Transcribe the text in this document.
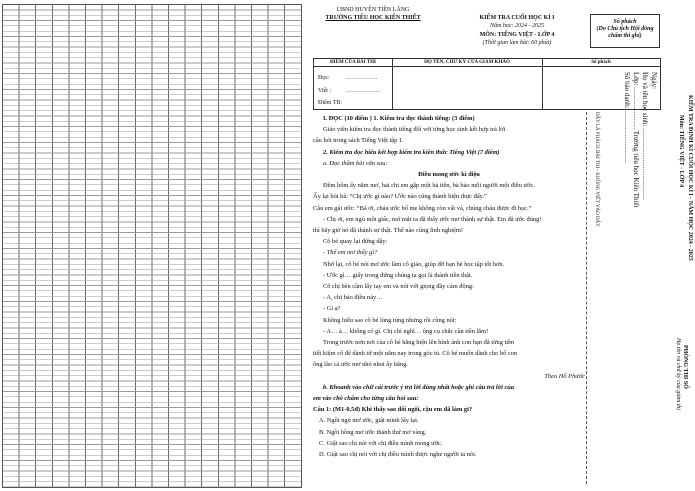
UBND HUYỆN TIÊN LÃNG
TRƯỜNG TIỂU HỌC KIẾN THIẾT	KIỂM TRA CUỐI HỌC KÌ I
Năm học: 2024 - 2025
MÔN: TIẾNG VIỆT - LỚP 4
(Thời gian làm bài: 60 phút)
Số phách
(Do Chủ tịch Hội đồng
chấm thi ghi)
ĐIỂM CỦA BÀI THI	HỌ TÊN, CHỮ KÝ CỦA GIÁM KHẢO	Số phách
Đọc:	…………….
Viết : ……………..
Điểm TB:
I. ĐỌC (10 điểm ) 1. Kiểm tra đọc thành tiếng: (3 điểm)
Giáo viên kiểm tra đọc thành tiếng đối với từng học sinh kết hợp trả lời
câu hỏi trong sách Tiếng Việt tập 1.
2. Kiểm tra đọc hiểu kết hợp kiểm tra kiến thức Tiếng Việt (7 điểm)
a. Đọc thầm bài văn sau:
Điều mong ước kì diệu
Đêm hôm ấy nằm mơ, hai chị em gặp một bà tiên, bà bảo mỗi người một điều ước.
Ấy lại hỏi bà: “Chị ước gì nào? Ước nào cũng thành hiện thực đấy.”
Câu em gái ước: “Bà ơi, cháu ước bố mẹ không còn vất vả, chúng cháu được đi học.”
- Chị ơi, em ngủ một giấc, mở mắt ra đã thấy ước mơ thành sự thật. Em đã ước đúng!
thì bây giờ nó đã thành sự thật. Thế nào cũng linh nghiệm!
Cô bé quay lại đứng dậy:
- Thế em mơ thấy gì?
Nhớ lại, cô bé nói mơ ước làm cô giáo, giúp đỡ bạn bè học tập tốt hơn.
- Ước gì… giấy trong đứng chúng ta gọi là thành tiền thật.
Cô chị bèn cầm lấy tay em và nói với giọng đầy cảm động:
- A, chị bảo điều này…
- Gì ạ?
Không hiểu sao cô bé lúng túng nhưng rồi cũng nói:
- A… à… không có gì. Chị chỉ nghĩ… ông cụ chắc cần tiền lắm!
Trong trước nơn nơi của cô bé hằng hiện lên hình ảnh con bạn đã từng tiền
tiết kiệm cố để dành từ một năm nay trong góc tủ. Cô bé muốn dành cho bố con
ông lão cả ước mơ nhỏ nhoi ấy bằng.
Theo Hồ Phước
b. Khoanh vào chữ cái trước ý trả lời đúng nhất hoặc ghi câu trả lời của
em vào chỗ chấm cho từng câu hỏi sau:
Câu 1: (M1-0,5đ) Khi thấy sao đổi ngôi, cậu em đã làm gì?
A. Ngồi ngủ mơ ước, giật mình lấy lại.
B. Ngồi hồng mơ ước thành thứ mơ vàng.
C. Giật sao chị nói với chị điều mình mong ước.
D. Giật sao chị nói với chị điều mình được nghe người ta nói.
ĐẦY LÀ PHÁCH BÀI THI - KHÔNG VIẾT VÀO ĐÂY
Ngày:
Họ và tên học sinh: .........................................
Lớp: ........................ Trường tiểu học Kiến Thiết
Số báo danh: ..............................	KIỂM TRA ĐỊNH KÌ CUỐI HỌC KÌ I - NĂM HỌC 2024 - 2025
Môn: TIẾNG VIỆT - LỚP 4
PHÒNG THI SỐ
Họ tên và chữ ký của giám thị
